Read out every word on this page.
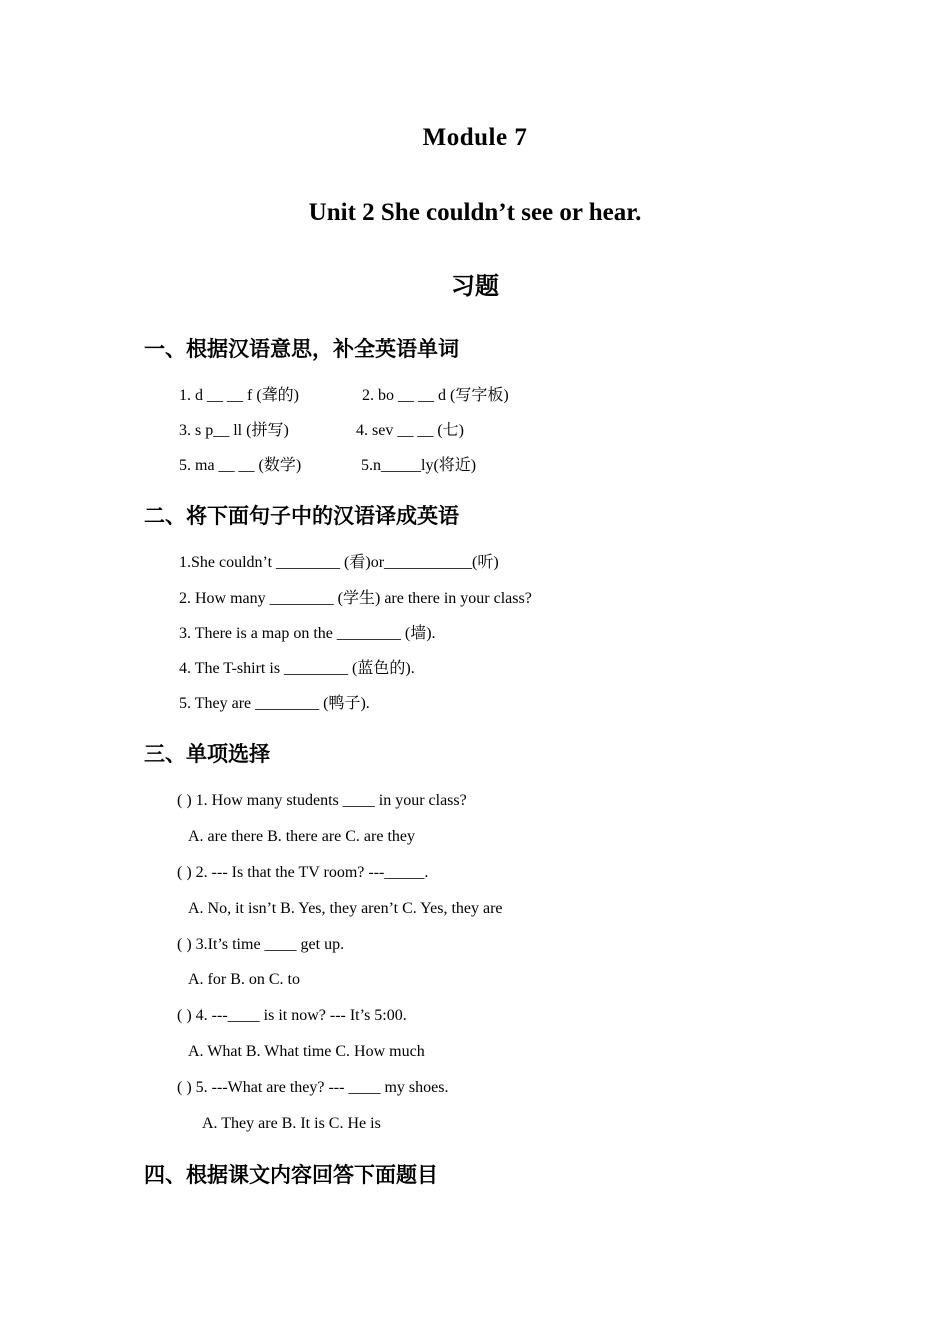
Module 7
Unit 2 She couldn’t see or hear.
习题
一、根据汉语意思，补全英语单词
1. d __ __ f (聋的)	2. bo __ __ d (写字板)
3. s p__ ll (拼写)	4. sev __ __ (七)
5. ma __ __ (数学)	5.n_____ly(将近)
二、将下面句子中的汉语译成英语
1.She couldn’t ________ (看)or___________(听)
2. How many ________ (学生) are there in your class?
3. There is a map on the ________ (墙).
4. The T-shirt is ________ (蓝色的).
5. They are ________ (鸭子).
三、单项选择
( ) 1. How many students ____ in your class?
A. are there B. there are C. are they
( ) 2. --- Is that the TV room? ---_____.
A. No, it isn’t B. Yes, they aren’t C. Yes, they are
( ) 3.It’s time ____ get up.
A. for B. on C. to
( ) 4. ---____ is it now? --- It’s 5:00.
A. What B. What time C. How much
( ) 5. ---What are they? --- ____ my shoes.
A. They are B. It is C. He is
四、根据课文内容回答下面题目
